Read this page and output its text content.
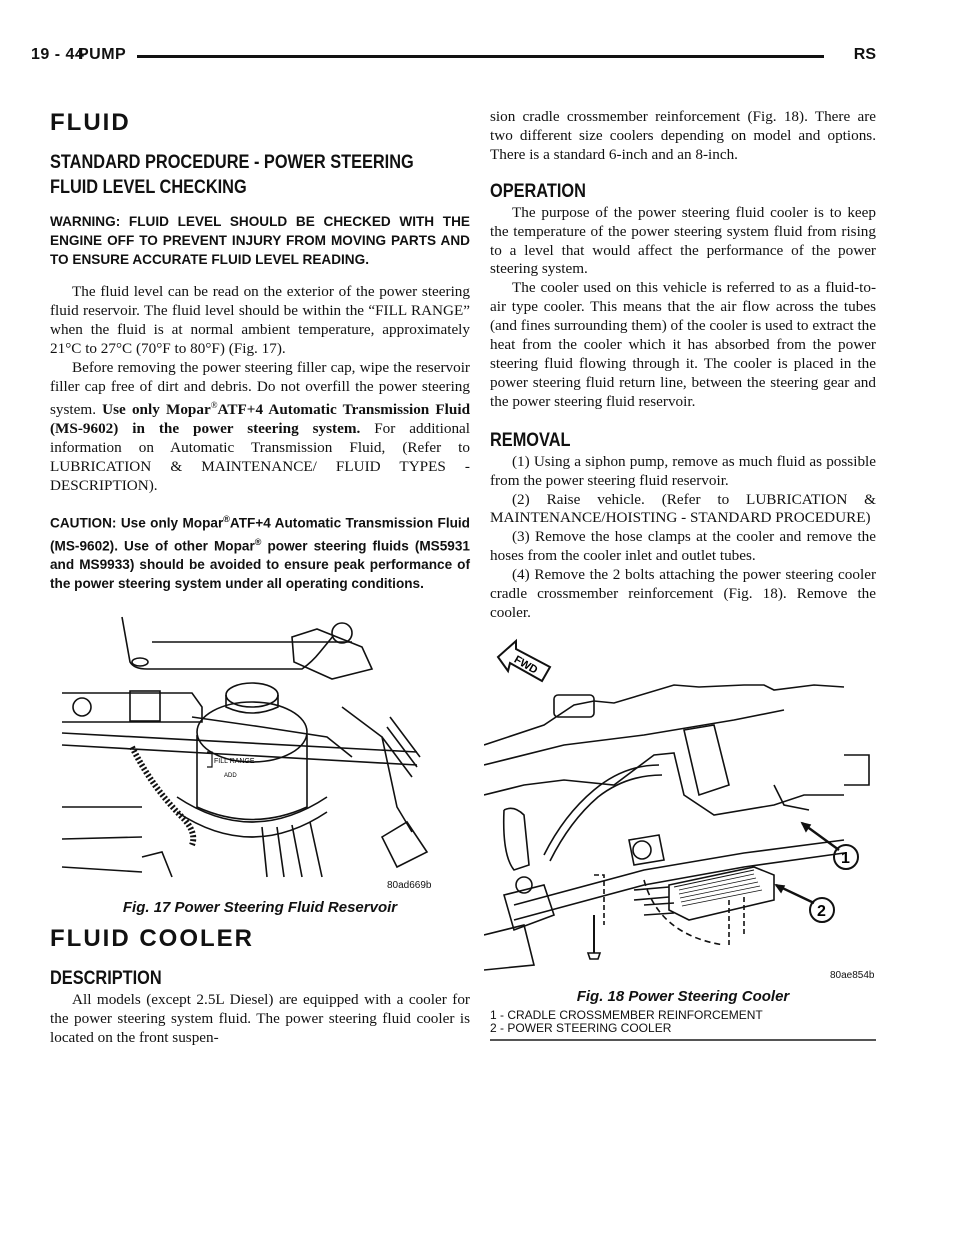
19 - 44
PUMP	RS
FLUID
STANDARD PROCEDURE - POWER STEERING
FLUID LEVEL CHECKING

WARNING: FLUID LEVEL SHOULD BE CHECKED WITH THE ENGINE OFF TO PREVENT INJURY FROM MOVING PARTS AND TO ENSURE ACCURATE FLUID LEVEL READING.

The fluid level can be read on the exterior of the power steering fluid reservoir. The fluid level should be within the “FILL RANGE” when the fluid is at normal ambient temperature, approximately 21°C to 27°C (70°F to 80°F) (Fig. 17).

Before removing the power steering filler cap, wipe the reservoir filler cap free of dirt and debris. Do not overfill the power steering system. Use only Mopar®ATF+4 Automatic Transmission Fluid (MS-9602) in the power steering system. For additional information on Automatic Transmission Fluid, (Refer to LUBRICATION & MAINTENANCE/ FLUID TYPES - DESCRIPTION).

CAUTION: Use only Mopar®ATF+4 Automatic Transmission Fluid (MS-9602). Use of other Mopar® power steering fluids (MS5931 and MS9933) should be avoided to ensure peak performance of the power steering system under all operating conditions.

FILL RANGE
ADD
80ad669b

Fig. 17 Power Steering Fluid Reservoir

FLUID COOLER
DESCRIPTION

All models (except 2.5L Diesel) are equipped with a cooler for the power steering system fluid. The power steering fluid cooler is located on the front suspen-

sion cradle crossmember reinforcement (Fig. 18). There are two different size coolers depending on model and options. There is a standard 6-inch and an 8-inch.

OPERATION

The purpose of the power steering fluid cooler is to keep the temperature of the power steering system fluid from rising to a level that would affect the performance of the power steering system.

The cooler used on this vehicle is referred to as a fluid-to-air type cooler. This means that the air flow across the tubes (and fines surrounding them) of the cooler is used to extract the heat from the cooler which it has absorbed from the power steering fluid flowing through it. The cooler is placed in the power steering fluid return line, between the steering gear and the power steering fluid reservoir.

REMOVAL

(1) Using a siphon pump, remove as much fluid as possible from the power steering fluid reservoir.

(2) Raise vehicle. (Refer to LUBRICATION & MAINTENANCE/HOISTING - STANDARD PROCEDURE)

(3) Remove the hose clamps at the cooler and remove the hoses from the cooler inlet and outlet tubes.

(4) Remove the 2 bolts attaching the power steering cooler cradle crossmember reinforcement (Fig. 18). Remove the cooler.

FWD
1
2
80ae854b

Fig. 18 Power Steering Cooler

1 - CRADLE CROSSMEMBER REINFORCEMENT

2 - POWER STEERING COOLER
